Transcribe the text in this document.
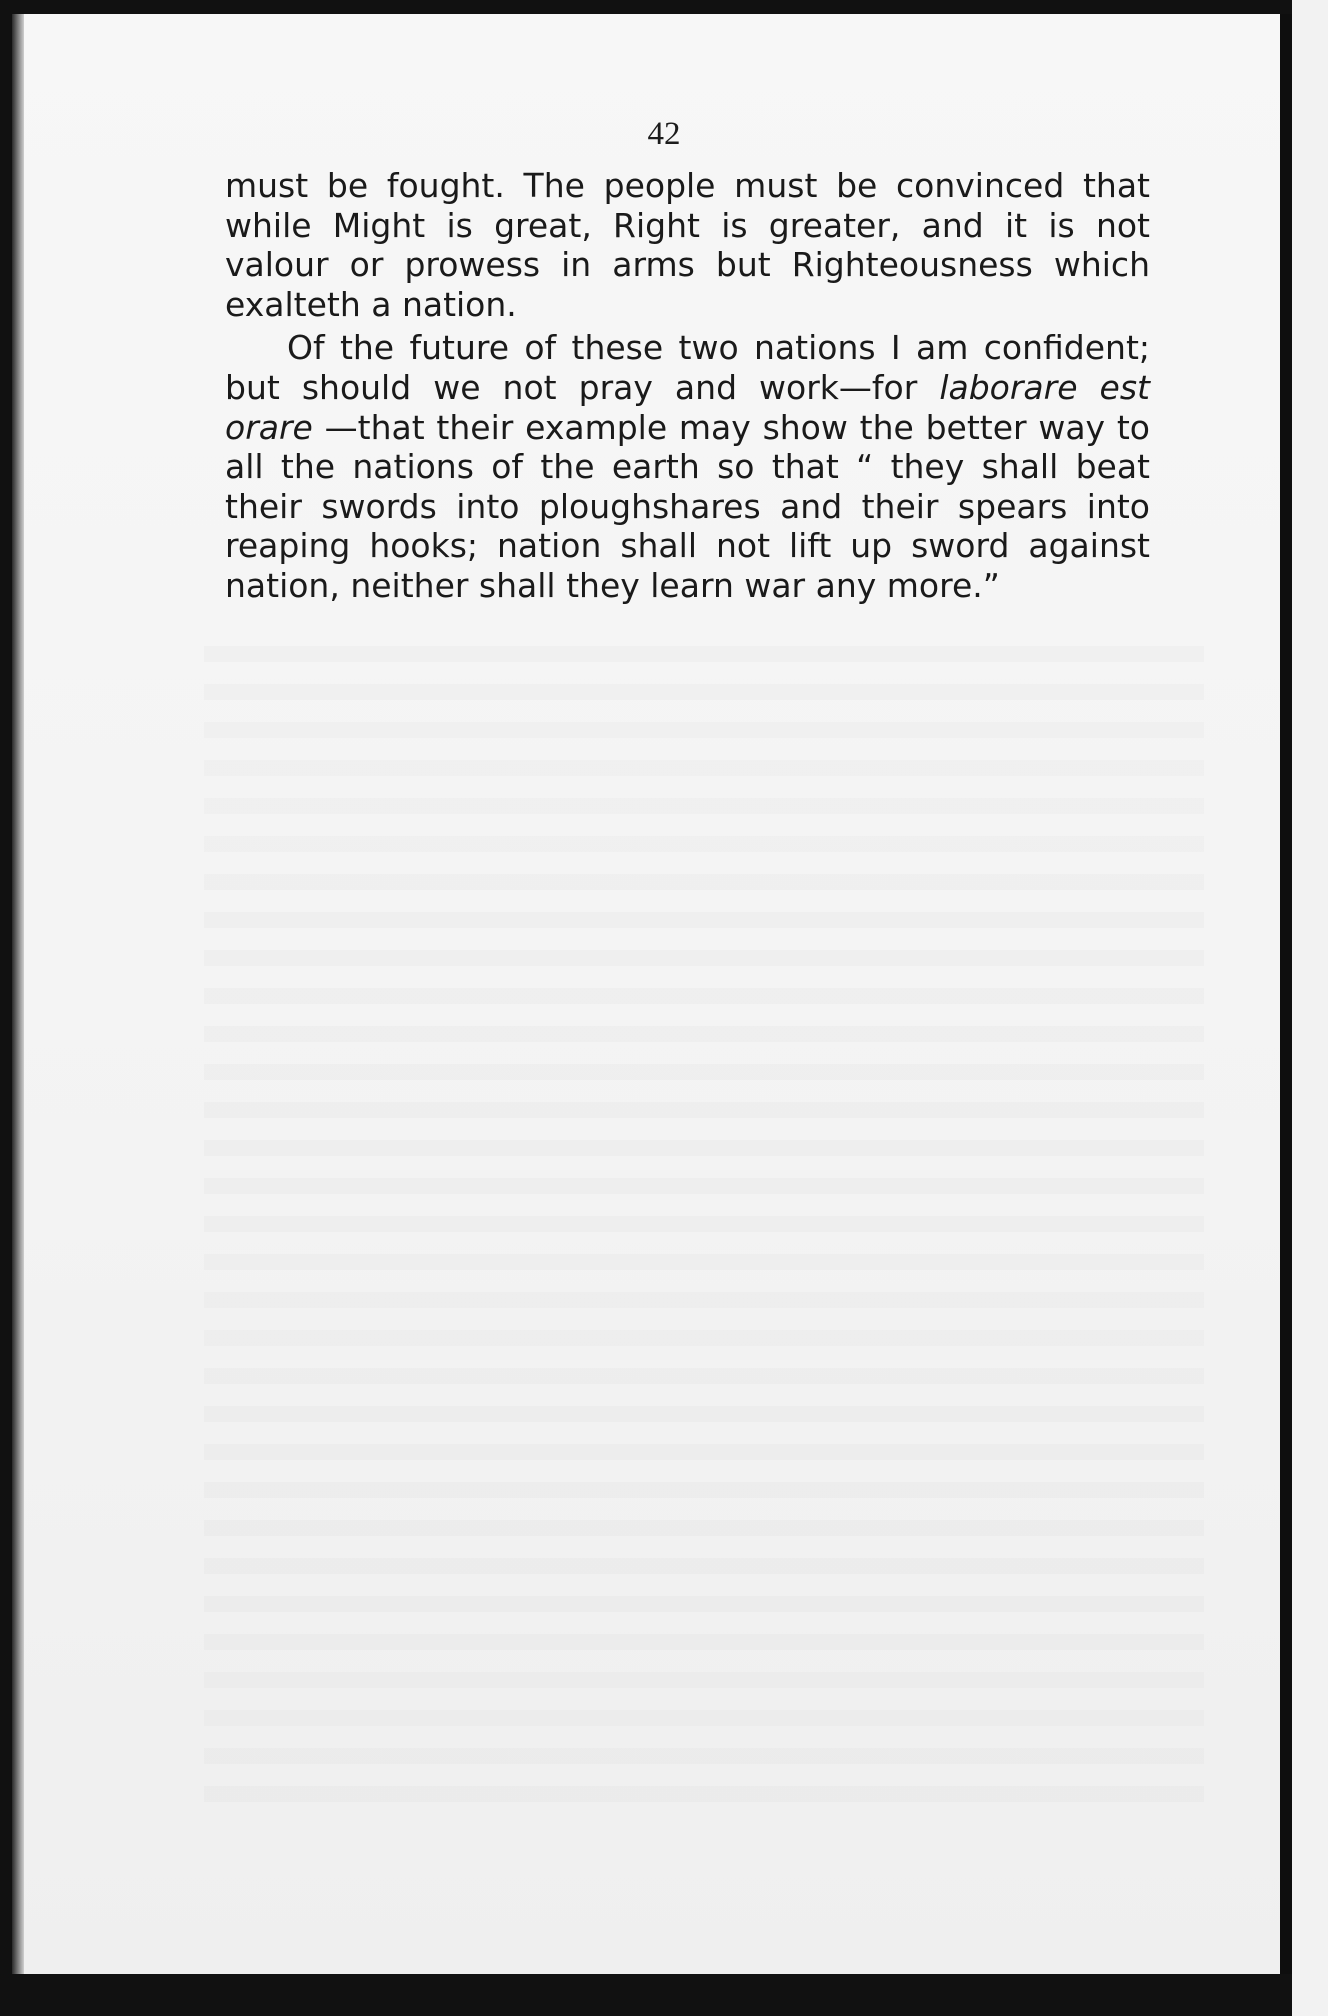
42

must be fought. The people must be convinced that while Might is great, Right is greater, and it is not valour or prowess in arms but Righteousness which exalteth a nation.

Of the future of these two nations I am confident; but should we not pray and work—for laborare est orare —that their example may show the better way to all the nations of the earth so that “ they shall beat their swords into ploughshares and their spears into reaping hooks; nation shall not lift up sword against nation, neither shall they learn war any more.”
